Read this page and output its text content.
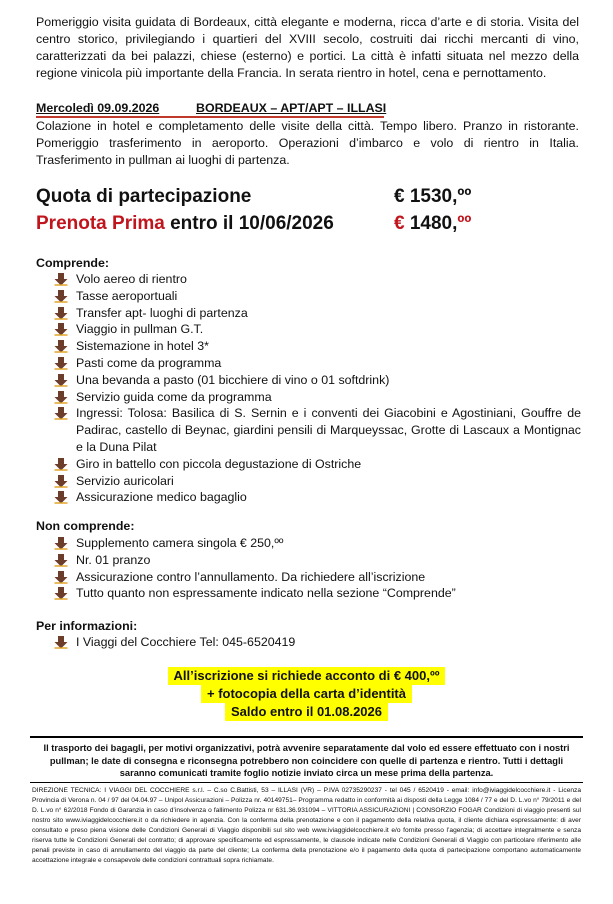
Pomeriggio visita guidata di Bordeaux, città elegante e moderna, ricca d’arte e di storia. Visita del centro storico, privilegiando i quartieri del XVIII secolo, costruiti dai ricchi mercanti di vino, caratterizzati da bei palazzi, chiese (esterno) e portici. La città è infatti situata nel mezzo della regione vinicola più importante della Francia. In serata rientro in hotel, cena e pernottamento.

Mercoledì 09.09.2026	BORDEAUX – APT/APT – ILLASI

Colazione in hotel e completamento delle visite della città. Tempo libero. Pranzo in ristorante. Pomeriggio trasferimento in aeroporto. Operazioni d’imbarco e volo di rientro in Italia. Trasferimento in pullman ai luoghi di partenza.

Quota di partecipazione	€ 1530,ºº
Prenota Prima entro il 10/06/2026	€ 1480,ºº
Comprende:
Volo aereo di rientro
Tasse aeroportuali
Transfer apt- luoghi di partenza
Viaggio in pullman G.T.
Sistemazione in hotel 3*
Pasti come da programma
Una bevanda a pasto (01 bicchiere di vino o 01 softdrink)
Servizio guida come da programma
Ingressi: Tolosa: Basilica di S. Sernin e i conventi dei Giacobini e Agostiniani, Gouffre de Padirac, castello di Beynac, giardini pensili di Marqueyssac, Grotte di Lascaux a Montignac e la Duna Pilat
Giro in battello con piccola degustazione di Ostriche
Servizio auricolari
Assicurazione medico bagaglio
Non comprende:
Supplemento camera singola € 250,ºº
Nr. 01 pranzo
Assicurazione contro l’annullamento. Da richiedere all’iscrizione
Tutto quanto non espressamente indicato nella sezione “Comprende”
Per informazioni:
I Viaggi del Cocchiere Tel: 045-6520419
All’iscrizione si richiede acconto di € 400,ºº
+ fotocopia della carta d’identità
Saldo entro il 01.08.2026
Il trasporto dei bagagli, per motivi organizzativi, potrà avvenire separatamente dal volo ed essere effettuato con i nostri pullman; le date di consegna e riconsegna potrebbero non coincidere con quelle di partenza e rientro. Tutti i dettagli saranno comunicati tramite foglio notizie inviato circa un mese prima della partenza.
DIREZIONE TECNICA: I VIAGGI DEL COCCHIERE s.r.l. – C.so C.Battisti, 53 – ILLASI (VR) – P.IVA 02735290237 - tel 045 / 6520419 - email: info@iviaggidelcocchiere.it - Licenza Provincia di Verona n. 04 / 97 del 04.04.97 – Unipol Assicurazioni – Polizza nr. 40149751– Programma redatto in conformità ai disposti della Legge 1084 / 77 e del D. L.vo n° 79/2011 e del D. L.vo n° 62/2018 Fondo di Garanzia in caso d’insolvenza o fallimento Polizza nr 631.36.931094 – VITTORIA ASSICURAZIONI | CONSORZIO FOGAR Condizioni di viaggio presenti sul nostro sito www.iviaggidelcocchiere.it o da richiedere in agenzia. Con la conferma della prenotazione e con il pagamento della relativa quota, il cliente dichiara espressamente: di aver consultato e preso piena visione delle Condizioni Generali di Viaggio disponibili sul sito web www.iviaggidelcocchiere.it e/o fornite presso l’agenzia; di accettare integralmente e senza riserva tutte le Condizioni Generali del contratto; di approvare specificamente ed espressamente, le clausole indicate nelle Condizioni Generali di Viaggio con particolare riferimento alle penali previste in caso di annullamento del viaggio da parte del cliente; La conferma della prenotazione e/o il pagamento della quota di partecipazione comportano automaticamente accettazione integrale e consapevole delle condizioni contrattuali sopra richiamate.
